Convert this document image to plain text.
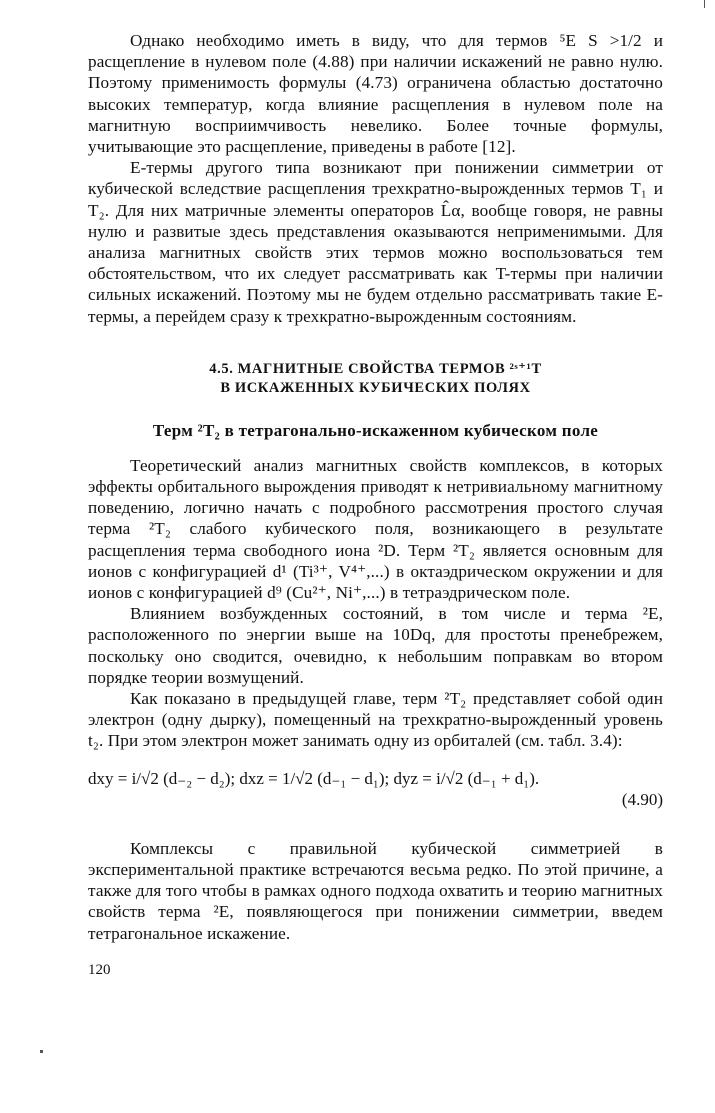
Однако необходимо иметь в виду, что для термов ⁵E S >1/2 и расщепление в нулевом поле (4.88) при наличии искажений не равно нулю. Поэтому применимость формулы (4.73) ограничена областью достаточно высоких температур, когда влияние расщепления в нулевом поле на магнитную восприимчивость невелико. Более точные формулы, учитывающие это расщепление, приведены в работе [12].

E-термы другого типа возникают при понижении симметрии от кубической вследствие расщепления трехкратно-вырожденных термов T₁ и T₂. Для них матричные элементы операторов L̂α, вообще говоря, не равны нулю и развитые здесь представления оказываются неприменимыми. Для анализа магнитных свойств этих термов можно воспользоваться тем обстоятельством, что их следует рассматривать как T-термы при наличии сильных искажений. Поэтому мы не будем отдельно рассматривать такие E-термы, а перейдем сразу к трехкратно-вырожденным состояниям.

4.5. МАГНИТНЫЕ СВОЙСТВА ТЕРМОВ ²ˢ⁺¹T
В ИСКАЖЕННЫХ КУБИЧЕСКИХ ПОЛЯХ
Терм ²T₂ в тетрагонально-искаженном кубическом поле

Теоретический анализ магнитных свойств комплексов, в которых эффекты орбитального вырождения приводят к нетривиальному магнитному поведению, логично начать с подробного рассмотрения простого случая терма ²T₂ слабого кубического поля, возникающего в результате расщепления терма свободного иона ²D. Терм ²T₂ является основным для ионов с конфигурацией d¹ (Ti³⁺, V⁴⁺,...) в октаэдрическом окружении и для ионов с конфигурацией d⁹ (Cu²⁺, Ni⁺,...) в тетраэдрическом поле.

Влиянием возбужденных состояний, в том числе и терма ²E, расположенного по энергии выше на 10Dq, для простоты пренебрежем, поскольку оно сводится, очевидно, к небольшим поправкам во втором порядке теории возмущений.

Как показано в предыдущей главе, терм ²T₂ представляет собой один электрон (одну дырку), помещенный на трехкратно-вырожденный уровень t₂. При этом электрон может занимать одну из орбиталей (см. табл. 3.4):

dxy = i/√2 (d₋₂ − d₂); dxz = 1/√2 (d₋₁ − d₁); dyz = i/√2 (d₋₁ + d₁).
(4.90)

Комплексы с правильной кубической симметрией в экспериментальной практике встречаются весьма редко. По этой причине, а также для того чтобы в рамках одного подхода охватить и теорию магнитных свойств терма ²E, появляющегося при понижении симметрии, введем тетрагональное искажение.

120
